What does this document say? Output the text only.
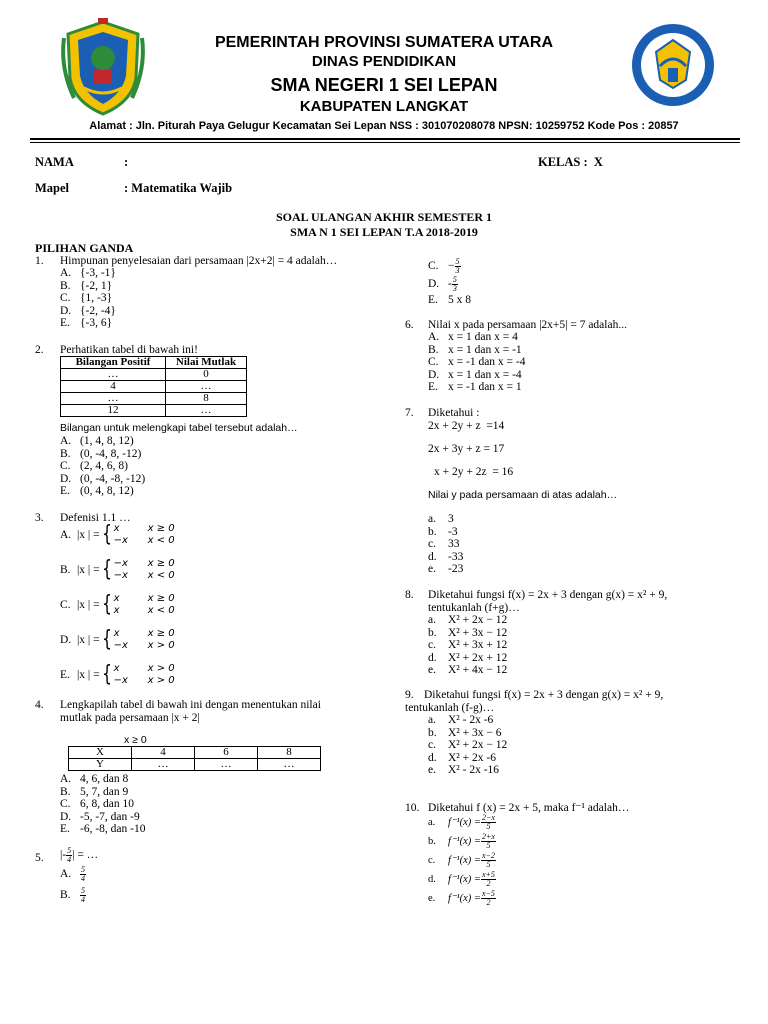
PEMERINTAH PROVINSI SUMATERA UTARA
DINAS PENDIDIKAN
SMA NEGERI 1 SEI LEPAN
KABUPATEN LANGKAT
Alamat : Jln. Piturah Paya Gelugur Kecamatan Sei Lepan NSS : 301070208078 NPSN: 10259752 Kode Pos : 20857
NAMA	:	KELAS :  X
Mapel	: Matematika Wajib
SOAL ULANGAN AKHIR SEMESTER 1
SMA N 1 SEI LEPAN T.A 2018-2019
PILIHAN GANDA
1. Himpunan penyelesaian dari persamaan |2x+2| = 4 adalah…
A. {-3, -1}
B. {-2, 1}
C. {1, -3}
D. {-2, -4}
E. {-3, 6}
2. Perhatikan tabel di bawah ini!
Bilangan Positif	Nilai Mutlak
…	0
4	…
…	8
12	…
Bilangan untuk melengkapi tabel tersebut adalah…
A. (1, 4, 8, 12)
B. (0, -4, 8, -12)
C. (2, 4, 6, 8)
D. (0, -4, -8, -12)
E. (0, 4, 8, 12)
3. Defenisi 1.1 …
A. |x | ={ x	x ≥ 0
−x x < 0
B. |x | ={ −x x ≥ 0
−x x < 0
C. |x | ={ x	x ≥ 0
x	x < 0
D. |x | ={ x	x ≥ 0
−x x > 0
E. |x | ={ x	x > 0
−x x > 0
4. Lengkapilah tabel di bawah ini dengan menentukan nilai
mutlak pada persamaan |x + 2|
x ≥ 0
X	4	6	8
Y	…	…	…
A. 4, 6, dan 8
B. 5, 7, dan 9
C. 6, 8, dan 10
D. -5, -7, dan -9
E. -6, -8, dan -10
5. |- $\frac{5}{4}$ | = …
A. $\frac{5}{4}$
B. $\frac{5}{4}$
C. − $\frac{5}{3}$
D. - $\frac{5}{3}$
E. 5 x 8
6. Nilai x pada persamaan |2x+5| = 7 adalah...
A. x = 1 dan x = 4
B. x = 1 dan x = -1
C. x = -1 dan x = -4
D. x = 1 dan x = -4
E. x = -1 dan x = 1
7. Diketahui :
2x + 2y + z  =14
2x + 3y + z = 17
x + 2y + 2z  = 16
Nilai y pada persamaan di atas adalah…
a. 3
b. -3
c. 33
d. -33
e. -23
8. Diketahui fungsi f(x) = 2x + 3 dengan g(x) = x² + 9,
tentukanlah (f+g)…
a. X² + 2x − 12
b. X² + 3x − 12
c. X² + 3x + 12
d. X² + 2x + 12
e. X² + 4x − 12
9. Diketahui fungsi f(x) = 2x + 3 dengan g(x) = x² + 9,
tentukanlah (f-g)…
a. X² - 2x -6
b. X² + 3x − 6
c. X² + 2x − 12
d. X² + 2x -6
e. X² - 2x -16
10. Diketahui f (x) = 2x + 5, maka f⁻¹ adalah…
a. $f^{-1}(x) = \frac{2-x}{5}$
b. $f^{-1}(x) = \frac{2+x}{5}$
c. $f^{-1}(x) = \frac{x-2}{5}$
d. $f^{-1}(x) = \frac{x+5}{2}$
e. $f^{-1}(x) = \frac{x-5}{2}$
